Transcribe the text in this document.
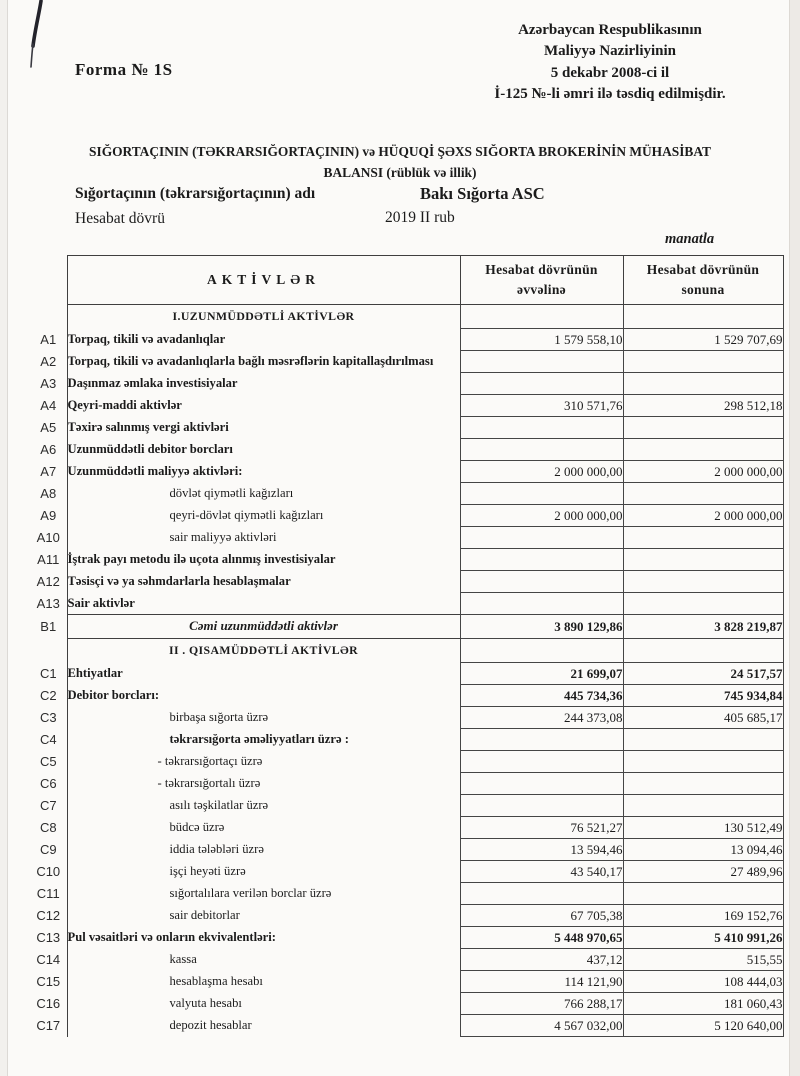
Forma № 1S
Azərbaycan Respublikasının
Maliyyə Nazirliyinin
5 dekabr 2008-ci il
İ-125 №-li əmri ilə təsdiq edilmişdir.
SIĞORTAÇININ (TƏKRARSIĞORTAÇININ) və HÜQUQİ ŞƏXS SIĞORTA BROKERİNİN MÜHASİBAT
BALANSI (rüblük və illik)
Sığortaçının (təkrarsığortaçının) adı	Bakı Sığorta ASC
Hesabat dövrü	2019 II rub
manatla
	AKTİVLƏR	Hesabat dövrünün əvvəlinə	Hesabat dövrünün sonuna
	I.UZUNMÜDDƏTLİ AKTİVLƏR		
A1	Torpaq, tikili və avadanlıqlar	1 579 558,10	1 529 707,69
A2	Torpaq, tikili və avadanlıqlarla bağlı məsrəflərin kapitallaşdırılması		
A3	Daşınmaz əmlaka investisiyalar		
A4	Qeyri-maddi aktivlər	310 571,76	298 512,18
A5	Təxirə salınmış vergi aktivləri		
A6	Uzunmüddətli debitor borcları		
A7	Uzunmüddətli maliyyə aktivləri:	2 000 000,00	2 000 000,00
A8	dövlət qiymətli kağızları		
A9	qeyri-dövlət qiymətli kağızları	2 000 000,00	2 000 000,00
A10	sair maliyyə aktivləri		
A11	İştrak payı metodu ilə uçota alınmış investisiyalar		
A12	Təsisçi və ya səhmdarlarla hesablaşmalar		
A13	Sair aktivlər		
B1	Cəmi uzunmüddətli aktivlər	3 890 129,86	3 828 219,87
	II . QISAMÜDDƏTLİ AKTİVLƏR		
C1	Ehtiyatlar	21 699,07	24 517,57
C2	Debitor borcları:	445 734,36	745 934,84
C3	birbaşa sığorta üzrə	244 373,08	405 685,17
C4	təkrarsığorta əməliyyatları üzrə :		
C5	- təkrarsığortaçı üzrə		
C6	- təkrarsığortalı üzrə		
C7	asılı təşkilatlar üzrə		
C8	büdcə üzrə	76 521,27	130 512,49
C9	iddia tələbləri üzrə	13 594,46	13 094,46
C10	işçi heyəti üzrə	43 540,17	27 489,96
C11	sığortalılara verilən borclar üzrə		
C12	sair debitorlar	67 705,38	169 152,76
C13	Pul vəsaitləri və onların ekvivalentləri:	5 448 970,65	5 410 991,26
C14	kassa	437,12	515,55
C15	hesablaşma hesabı	114 121,90	108 444,03
C16	valyuta hesabı	766 288,17	181 060,43
C17	depozit hesablar	4 567 032,00	5 120 640,00
